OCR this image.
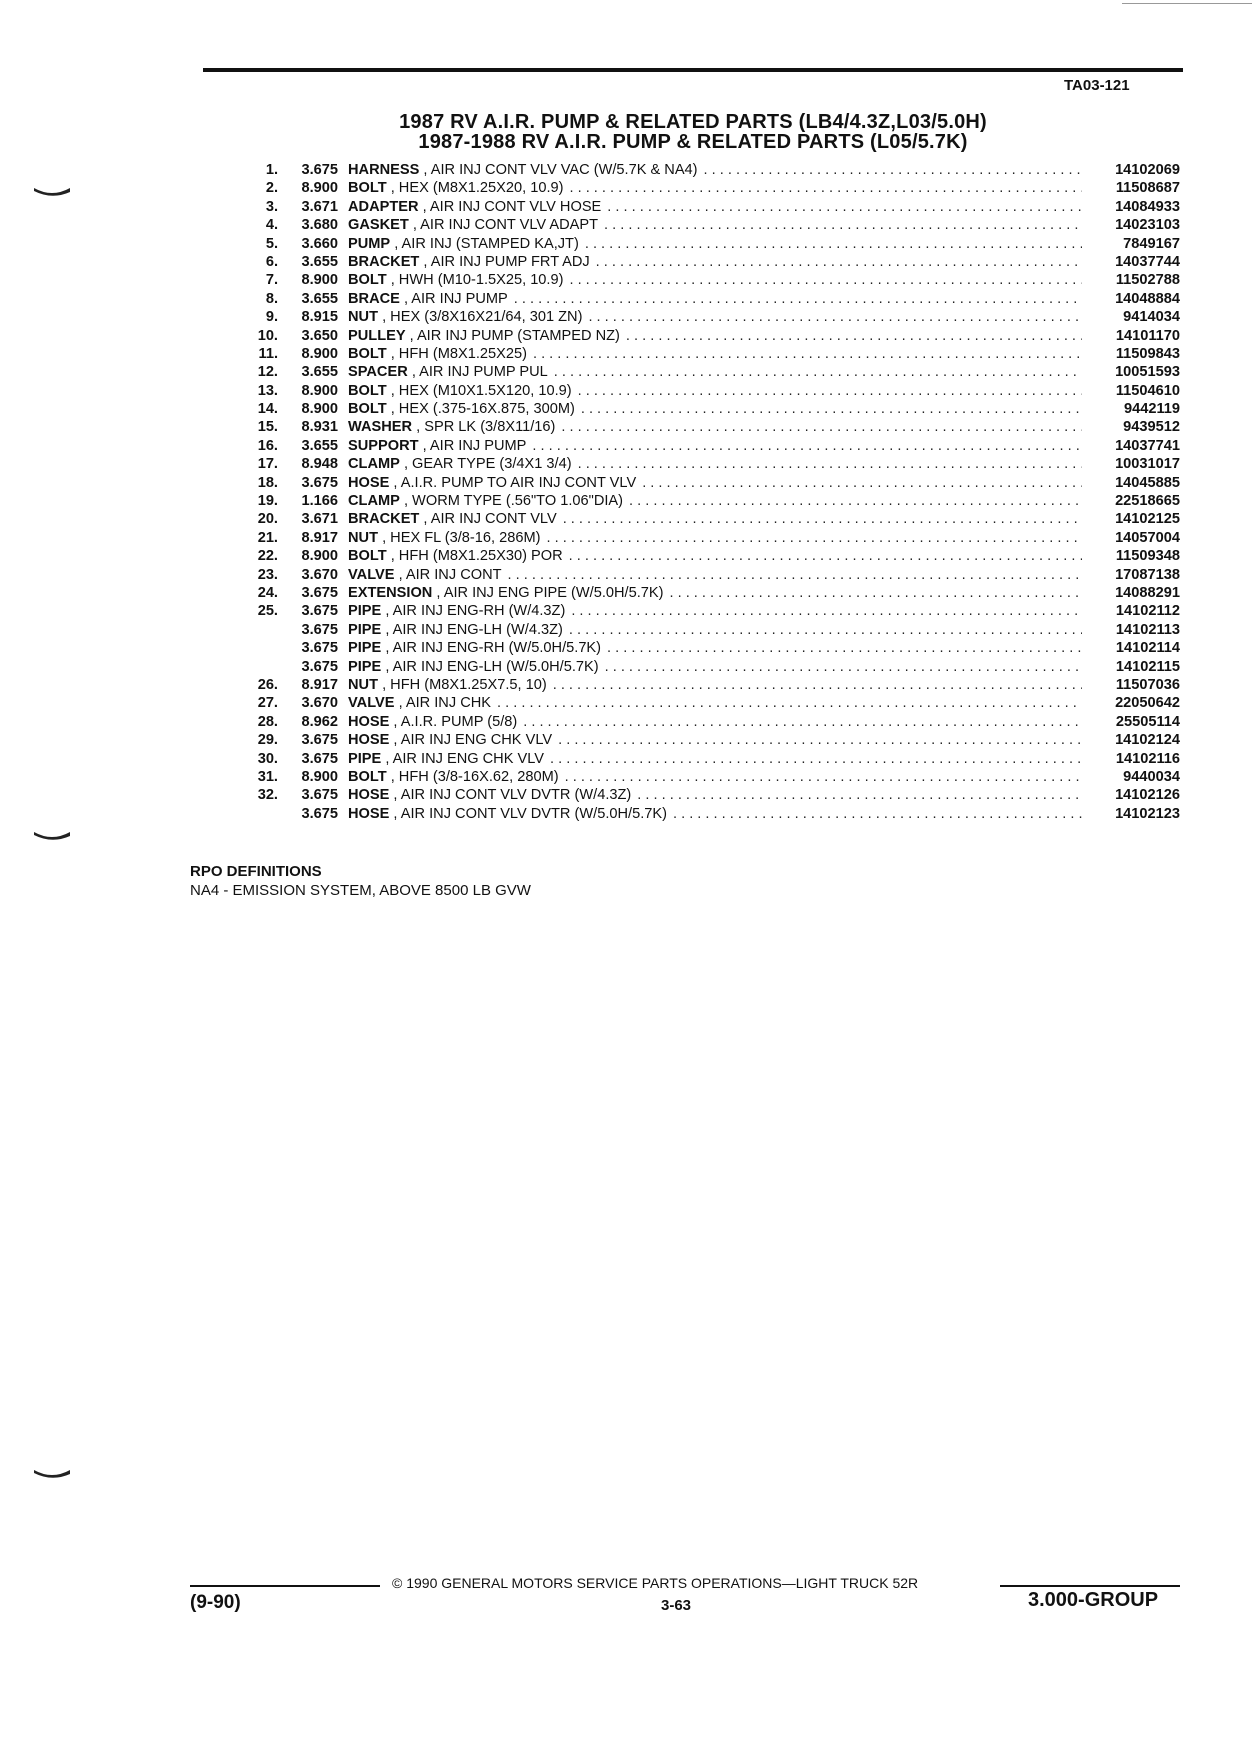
TA03-121
1987 RV A.I.R. PUMP & RELATED PARTS (LB4/4.3Z,L03/5.0H)
1987-1988 RV A.I.R. PUMP & RELATED PARTS (L05/5.7K)
1.	3.675 HARNESS , AIR INJ CONT VLV VAC (W/5.7K & NA4) . . .	14102069
2.	8.900 BOLT , HEX (M8X1.25X20, 10.9) . . .	11508687
3.	3.671 ADAPTER , AIR INJ CONT VLV HOSE . . .	14084933
4.	3.680 GASKET , AIR INJ CONT VLV ADAPT . . .	14023103
5.	3.660 PUMP , AIR INJ (STAMPED KA,JT) . . .	7849167
6.	3.655 BRACKET , AIR INJ PUMP FRT ADJ . . .	14037744
7.	8.900 BOLT , HWH (M10-1.5X25, 10.9) . . .	11502788
8.	3.655 BRACE , AIR INJ PUMP . . .	14048884
9.	8.915 NUT , HEX (3/8X16X21/64, 301 ZN) . . .	9414034
10.	3.650 PULLEY , AIR INJ PUMP (STAMPED NZ) . . .	14101170
11.	8.900 BOLT , HFH (M8X1.25X25) . . .	11509843
12.	3.655 SPACER , AIR INJ PUMP PUL . . .	10051593
13.	8.900 BOLT , HEX (M10X1.5X120, 10.9) . . .	11504610
14.	8.900 BOLT , HEX (.375-16X.875, 300M) . . .	9442119
15.	8.931 WASHER , SPR LK (3/8X11/16) . . .	9439512
16.	3.655 SUPPORT , AIR INJ PUMP . . .	14037741
17.	8.948 CLAMP , GEAR TYPE (3/4X1 3/4) . . .	10031017
18.	3.675 HOSE , A.I.R. PUMP TO AIR INJ CONT VLV . . .	14045885
19.	1.166 CLAMP , WORM TYPE (.56"TO 1.06"DIA) . . .	22518665
20.	3.671 BRACKET , AIR INJ CONT VLV . . .	14102125
21.	8.917 NUT , HEX FL (3/8-16, 286M) . . .	14057004
22.	8.900 BOLT , HFH (M8X1.25X30) POR . . .	11509348
23.	3.670 VALVE , AIR INJ CONT . . .	17087138
24.	3.675 EXTENSION , AIR INJ ENG PIPE (W/5.0H/5.7K) . . .	14088291
25.	3.675 PIPE , AIR INJ ENG-RH (W/4.3Z) . . .	14102112
3.675 PIPE , AIR INJ ENG-LH (W/4.3Z) . . .	14102113
3.675 PIPE , AIR INJ ENG-RH (W/5.0H/5.7K) . . .	14102114
3.675 PIPE , AIR INJ ENG-LH (W/5.0H/5.7K) . . .	14102115
26.	8.917 NUT , HFH (M8X1.25X7.5, 10) . . .	11507036
27.	3.670 VALVE , AIR INJ CHK . . .	22050642
28.	8.962 HOSE , A.I.R. PUMP (5/8) . . .	25505114
29.	3.675 HOSE , AIR INJ ENG CHK VLV . . .	14102124
30.	3.675 PIPE , AIR INJ ENG CHK VLV . . .	14102116
31.	8.900 BOLT , HFH (3/8-16X.62, 280M) . . .	9440034
32.	3.675 HOSE , AIR INJ CONT VLV DVTR (W/4.3Z) . . .	14102126
3.675 HOSE , AIR INJ CONT VLV DVTR (W/5.0H/5.7K) . . .	14102123
RPO DEFINITIONS
NA4 - EMISSION SYSTEM, ABOVE 8500 LB GVW
© 1990 GENERAL MOTORS SERVICE PARTS OPERATIONS—LIGHT TRUCK 52R
(9-90)	3-63	3.000-GROUP
